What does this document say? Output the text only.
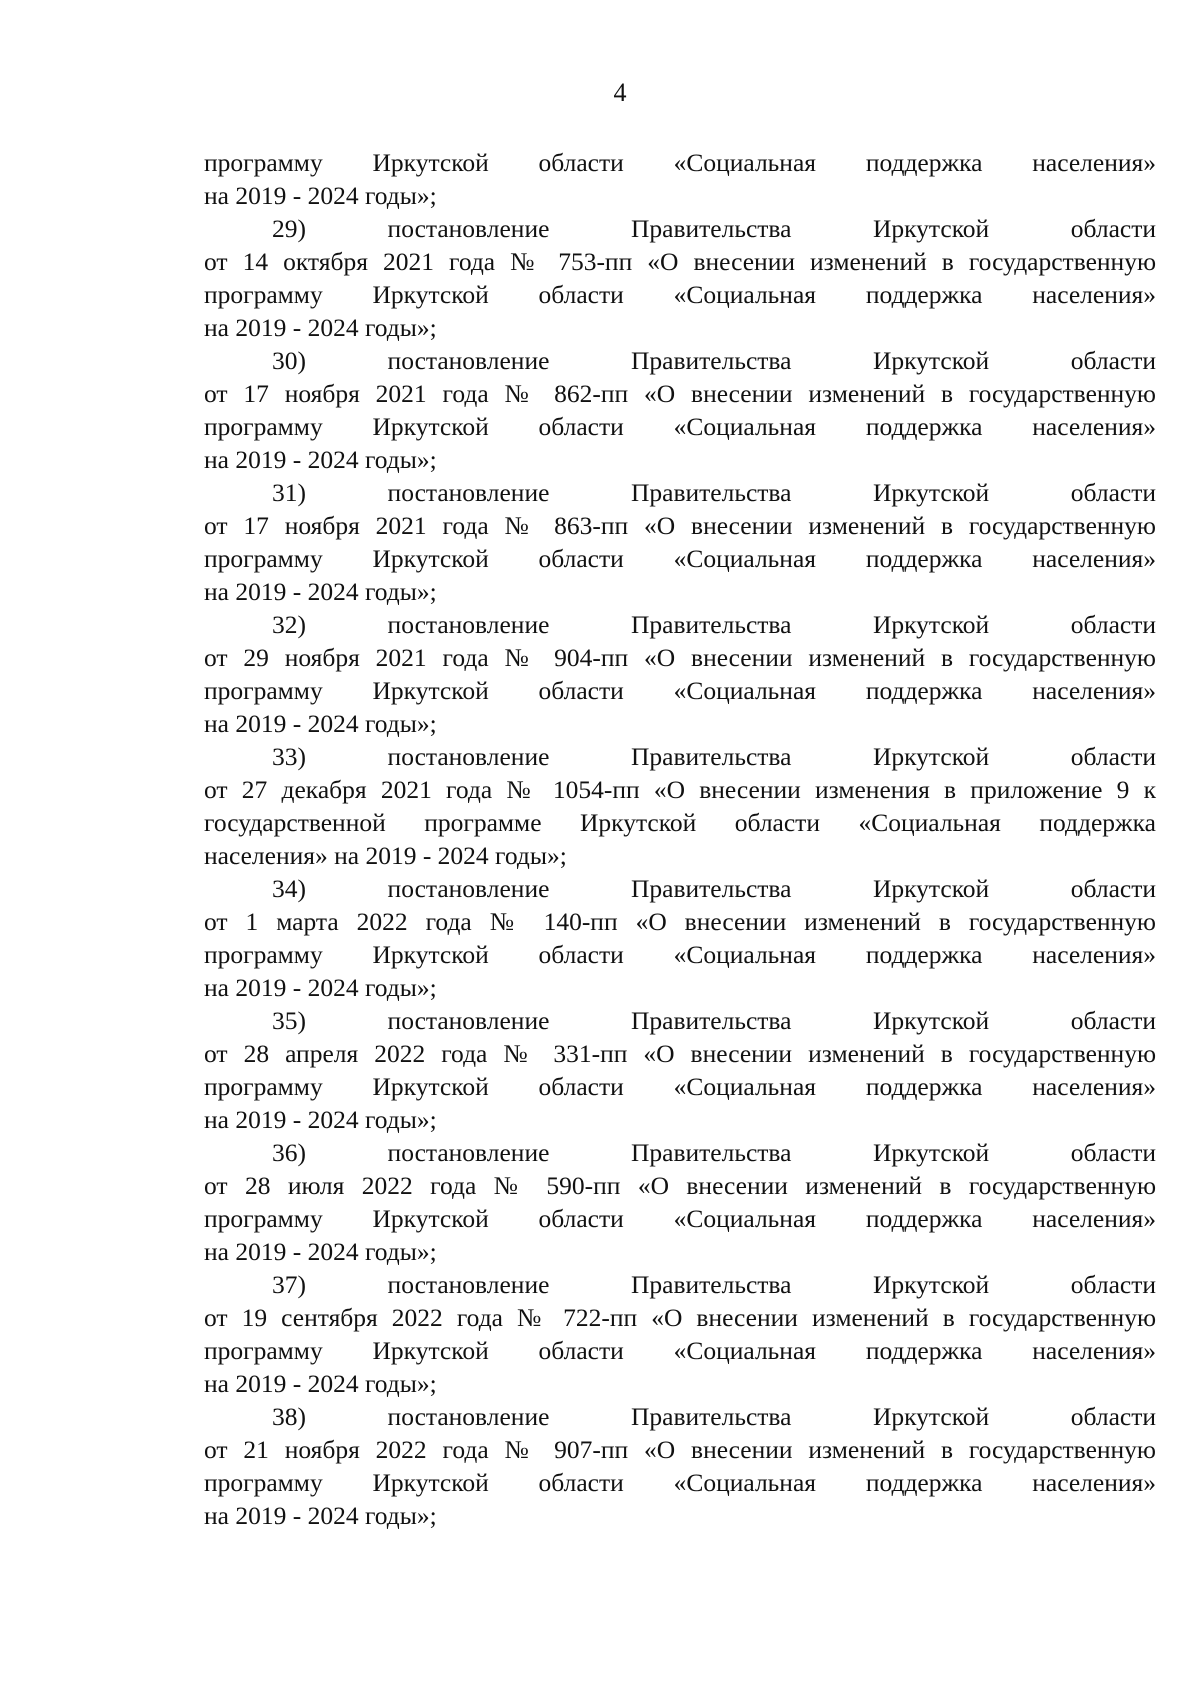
4
программу Иркутской области «Социальная поддержка населения»
на 2019 - 2024 годы»;
29) постановление Правительства Иркутской области
от 14 октября 2021 года № 753-пп «О внесении изменений в государственную
программу Иркутской области «Социальная поддержка населения»
на 2019 - 2024 годы»;
30) постановление Правительства Иркутской области
от 17 ноября 2021 года № 862-пп «О внесении изменений в государственную
программу Иркутской области «Социальная поддержка населения»
на 2019 - 2024 годы»;
31) постановление Правительства Иркутской области
от 17 ноября 2021 года № 863-пп «О внесении изменений в государственную
программу Иркутской области «Социальная поддержка населения»
на 2019 - 2024 годы»;
32) постановление Правительства Иркутской области
от 29 ноября 2021 года № 904-пп «О внесении изменений в государственную
программу Иркутской области «Социальная поддержка населения»
на 2019 - 2024 годы»;
33) постановление Правительства Иркутской области
от 27 декабря 2021 года № 1054-пп «О внесении изменения в приложение 9 к
государственной программе Иркутской области «Социальная поддержка
населения» на 2019 - 2024 годы»;
34) постановление Правительства Иркутской области
от 1 марта 2022 года № 140-пп «О внесении изменений в государственную
программу Иркутской области «Социальная поддержка населения»
на 2019 - 2024 годы»;
35) постановление Правительства Иркутской области
от 28 апреля 2022 года № 331-пп «О внесении изменений в государственную
программу Иркутской области «Социальная поддержка населения»
на 2019 - 2024 годы»;
36) постановление Правительства Иркутской области
от 28 июля 2022 года № 590-пп «О внесении изменений в государственную
программу Иркутской области «Социальная поддержка населения»
на 2019 - 2024 годы»;
37) постановление Правительства Иркутской области
от 19 сентября 2022 года № 722-пп «О внесении изменений в государственную
программу Иркутской области «Социальная поддержка населения»
на 2019 - 2024 годы»;
38) постановление Правительства Иркутской области
от 21 ноября 2022 года № 907-пп «О внесении изменений в государственную
программу Иркутской области «Социальная поддержка населения»
на 2019 - 2024 годы»;
